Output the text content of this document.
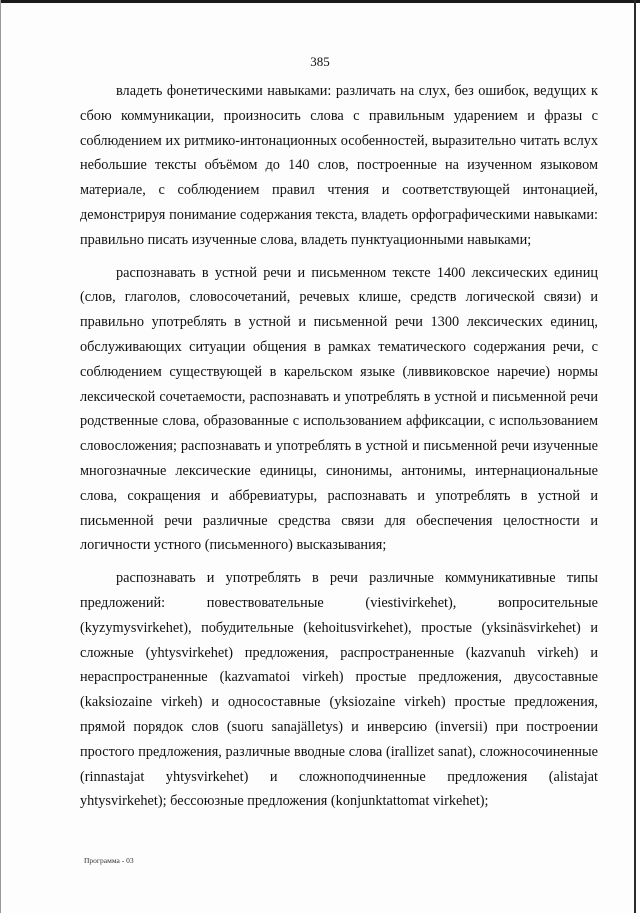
385

владеть фонетическими навыками: различать на слух, без ошибок, ведущих к сбою коммуникации, произносить слова с правильным ударением и фразы с соблюдением их ритмико-интонационных особенностей, выразительно читать вслух небольшие тексты объёмом до 140 слов, построенные на изученном языковом материале, с соблюдением правил чтения и соответствующей интонацией, демонстрируя понимание содержания текста, владеть орфографическими навыками: правильно писать изученные слова, владеть пунктуационными навыками;

распознавать в устной речи и письменном тексте 1400 лексических единиц (слов, глаголов, словосочетаний, речевых клише, средств логической связи) и правильно употреблять в устной и письменной речи 1300 лексических единиц, обслуживающих ситуации общения в рамках тематического содержания речи, с соблюдением существующей в карельском языке (ливвиковское наречие) нормы лексической сочетаемости, распознавать и употреблять в устной и письменной речи родственные слова, образованные с использованием аффиксации, с использованием словосложения; распознавать и употреблять в устной и письменной речи изученные многозначные лексические единицы, синонимы, антонимы, интернациональные слова, сокращения и аббревиатуры, распознавать и употреблять в устной и письменной речи различные средства связи для обеспечения целостности и логичности устного (письменного) высказывания;

распознавать и употреблять в речи различные коммуникативные типы предложений: повествовательные (viestivirkehet), вопросительные (kyzymysvirkehet), побудительные (kehoitusvirkehet), простые (yksinäsvirkehet) и сложные (yhtysvirkehet) предложения, распространенные (kazvanuh virkeh) и нераспространенные (kazvamatoi virkeh) простые предложения, двусоставные (kaksiozaine virkeh) и односоставные (yksiozaine virkeh) простые предложения, прямой порядок слов (suoru sanajälletys) и инверсию (inversii) при построении простого предложения, различные вводные слова (irallizet sanat), сложносочиненные (rinnastajat yhtysvirkehet) и сложноподчиненные предложения (alistajat yhtysvirkehet); бессоюзные предложения (konjunktattomat virkehet);

Программа - 03
